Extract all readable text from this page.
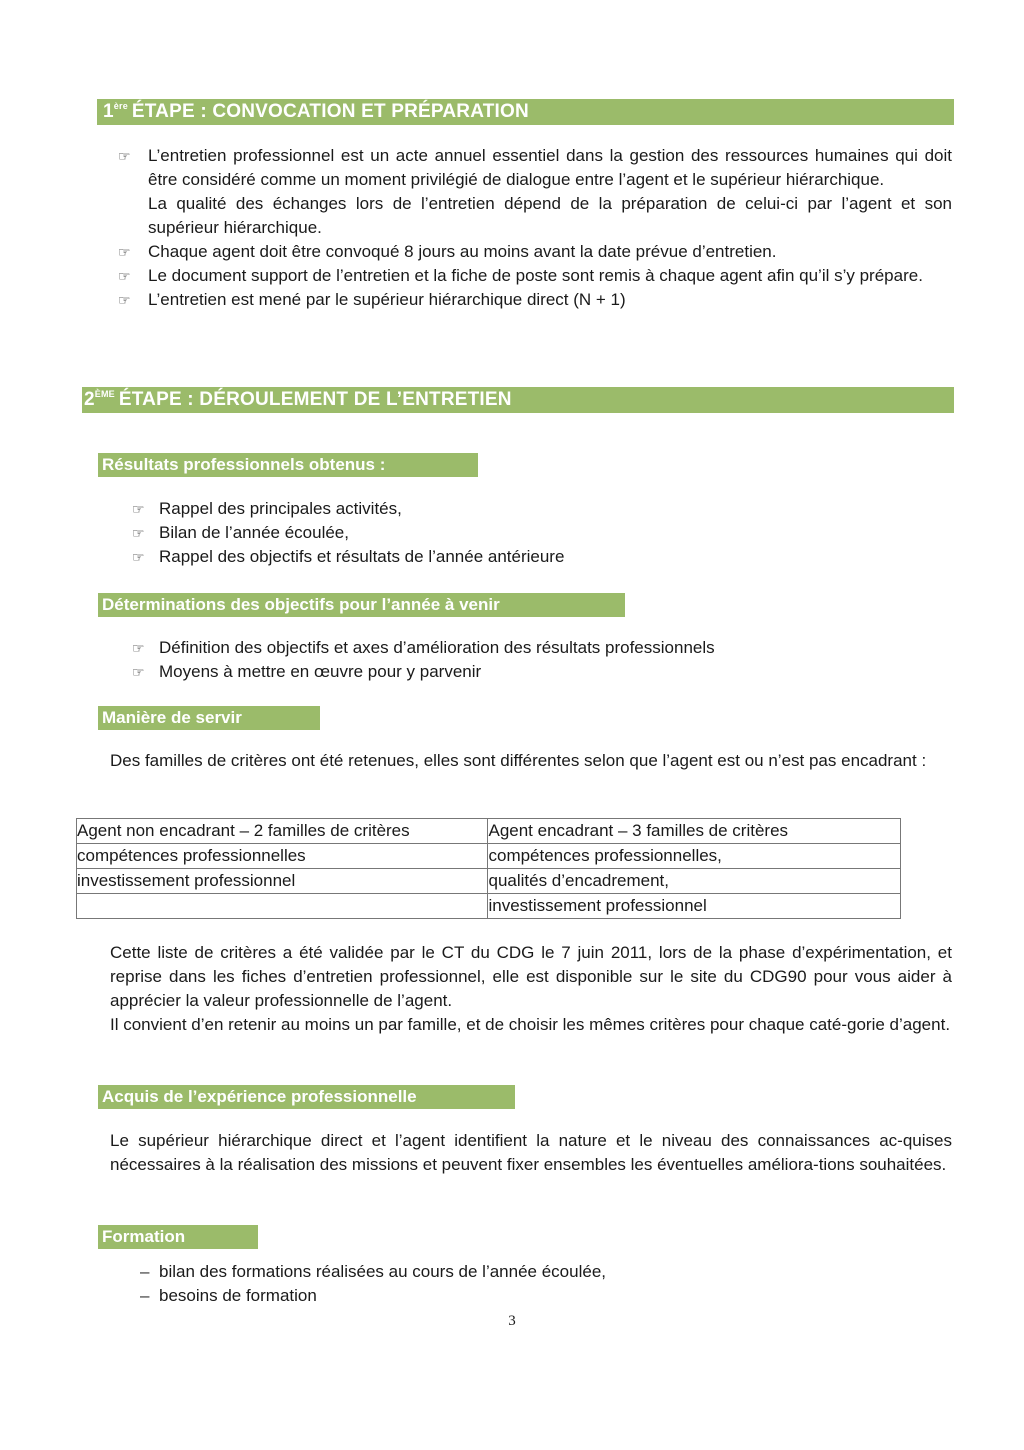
1ère ÉTAPE : CONVOCATION ET PRÉPARATION
☞	L’entretien professionnel est un acte annuel essentiel dans la gestion des ressources humaines qui doit être considéré comme un moment privilégié de dialogue entre l’agent et le supérieur hiérarchique.
La qualité des échanges lors de l’entretien dépend de la préparation de celui-ci par l’agent et son supérieur hiérarchique.
☞	Chaque agent doit être convoqué 8 jours au moins avant la date prévue d’entretien.
☞	Le document support de l’entretien et la fiche de poste sont remis à chaque agent afin qu’il s’y prépare.
☞	L’entretien est mené par le supérieur hiérarchique direct (N + 1)
2ÈME ÉTAPE : DÉROULEMENT DE L’ENTRETIEN
Résultats professionnels obtenus :
☞ Rappel des principales activités,
☞ Bilan de l’année écoulée,
☞ Rappel des objectifs et résultats de l’année antérieure
Déterminations des objectifs pour l’année à venir
☞ Définition des objectifs et axes d’amélioration des résultats professionnels
☞ Moyens à mettre en œuvre pour y parvenir
Manière de servir

Des familles de critères ont été retenues, elles sont différentes selon que l’agent est ou n’est pas encadrant :

Agent non encadrant – 2 familles de critères	Agent encadrant – 3 familles de critères
compétences professionnelles	compétences professionnelles,
investissement professionnel	qualités d’encadrement,
	investissement professionnel

Cette liste de critères a été validée par le CT du CDG le 7 juin 2011, lors de la phase d’expérimentation, et reprise dans les fiches d’entretien professionnel, elle est disponible sur le site du CDG90 pour vous aider à apprécier la valeur professionnelle de l’agent.

Il convient d’en retenir au moins un par famille, et de choisir les mêmes critères pour chaque caté-gorie d’agent.

Acquis de l’expérience professionnelle

Le supérieur hiérarchique direct et l’agent identifient la nature et le niveau des connaissances ac-quises nécessaires à la réalisation des missions et peuvent fixer ensembles les éventuelles améliora-tions souhaitées.

Formation
– bilan des formations réalisées au cours de l’année écoulée,
– besoins de formation
3
